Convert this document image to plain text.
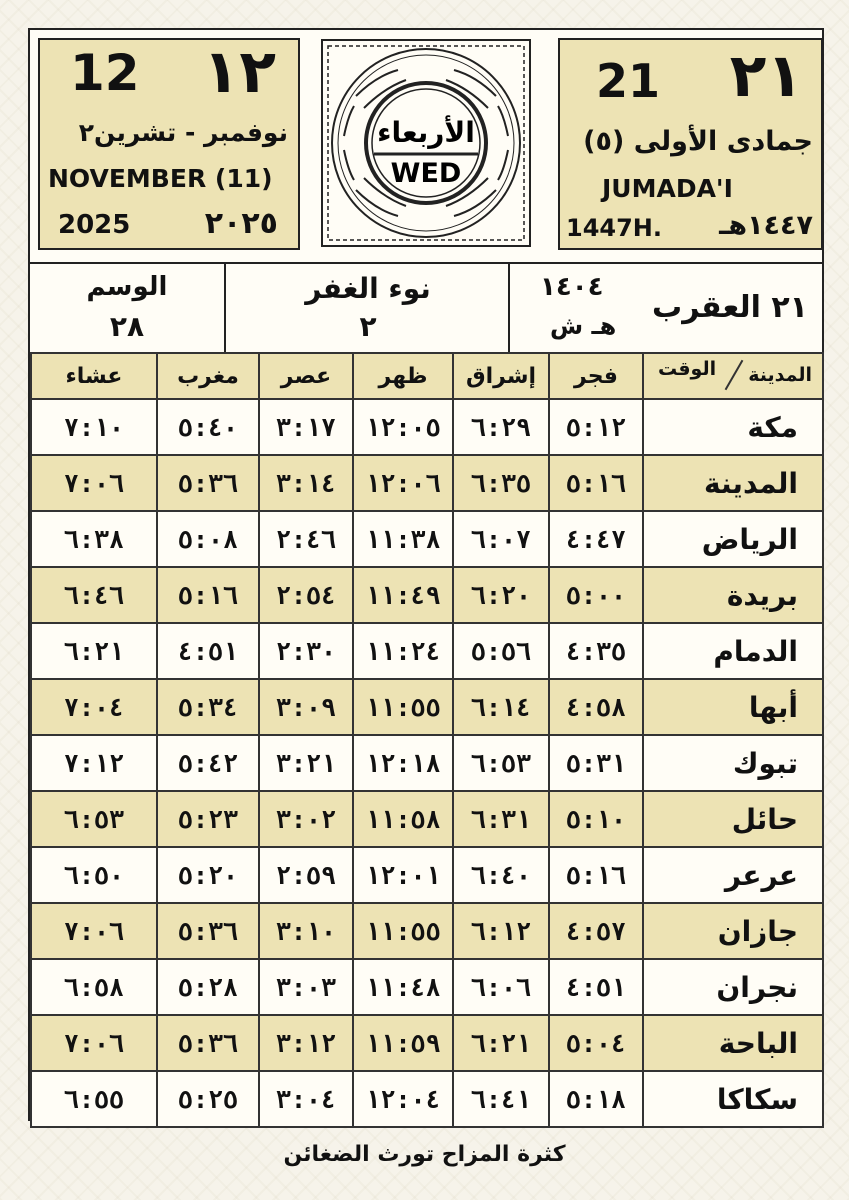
12 ١٢
نوفمبر - تشرين٢
NOVEMBER (11)
2025 ٢٠٢٥
الأربعاء
WED
21 ٢١
جمادى الأولى (٥)
JUMADA'I
1447H. ١٤٤٧هـ
الوسم
٢٨
نوء الغفر
٢
١٤٠٤
هـ ش
٢١ العقرب
المدينة
الوقت	فجر	إشراق	ظهر	عصر	مغرب	عشاء
مكة	٥:١٢	٦:٢٩	١٢:٠٥	٣:١٧	٥:٤٠	٧:١٠
المدينة	٥:١٦	٦:٣٥	١٢:٠٦	٣:١٤	٥:٣٦	٧:٠٦
الرياض	٤:٤٧	٦:٠٧	١١:٣٨	٢:٤٦	٥:٠٨	٦:٣٨
بريدة	٥:٠٠	٦:٢٠	١١:٤٩	٢:٥٤	٥:١٦	٦:٤٦
الدمام	٤:٣٥	٥:٥٦	١١:٢٤	٢:٣٠	٤:٥١	٦:٢١
أبها	٤:٥٨	٦:١٤	١١:٥٥	٣:٠٩	٥:٣٤	٧:٠٤
تبوك	٥:٣١	٦:٥٣	١٢:١٨	٣:٢١	٥:٤٢	٧:١٢
حائل	٥:١٠	٦:٣١	١١:٥٨	٣:٠٢	٥:٢٣	٦:٥٣
عرعر	٥:١٦	٦:٤٠	١٢:٠١	٢:٥٩	٥:٢٠	٦:٥٠
جازان	٤:٥٧	٦:١٢	١١:٥٥	٣:١٠	٥:٣٦	٧:٠٦
نجران	٤:٥١	٦:٠٦	١١:٤٨	٣:٠٣	٥:٢٨	٦:٥٨
الباحة	٥:٠٤	٦:٢١	١١:٥٩	٣:١٢	٥:٣٦	٧:٠٦
سكاكا	٥:١٨	٦:٤١	١٢:٠٤	٣:٠٤	٥:٢٥	٦:٥٥
كثرة المزاح تورث الضغائن
